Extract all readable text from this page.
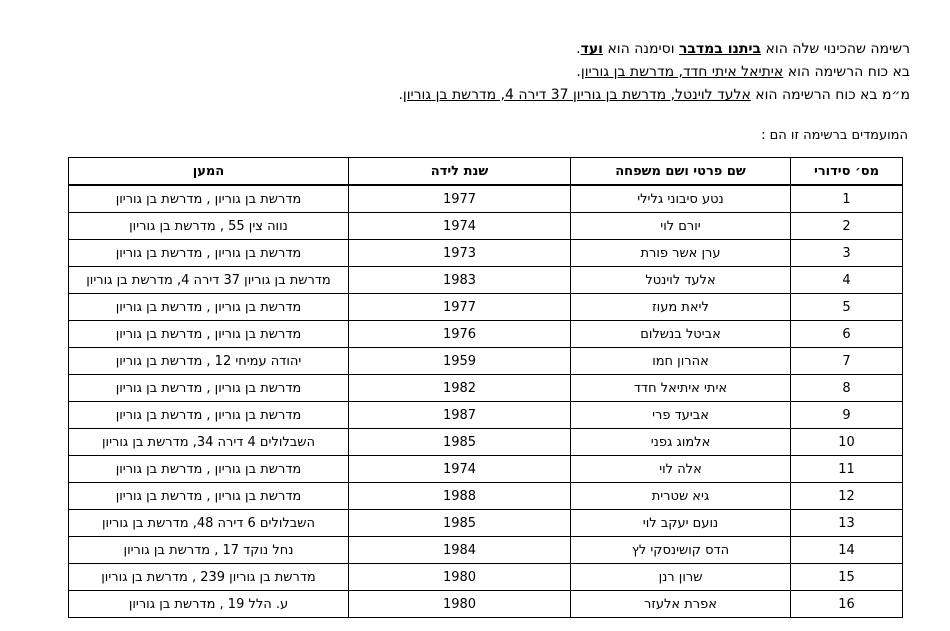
רשימה שהכינוי שלה הוא ביתנו במדבר וסימנה הוא ועד.
בא כוח הרשימה הוא איתיאל איתי חדד, מדרשת בן גוריון.
מ״מ בא כוח הרשימה הוא אלעד לוינטל, מדרשת בן גוריון 37 דירה 4, מדרשת בן גוריון.
המועמדים ברשימה זו הם :
מס׳ סידורי	שם פרטי ושם משפחה	שנת לידה	המען
1	נטע סיבוני גלילי	1977	מדרשת בן גוריון , מדרשת בן גוריון
2	יורם לוי	1974	נווה צין 55 , מדרשת בן גוריון
3	ערן אשר פורת	1973	מדרשת בן גוריון , מדרשת בן גוריון
4	אלעד לוינטל	1983	מדרשת בן גוריון 37 דירה 4, מדרשת בן גוריון
5	ליאת מעוז	1977	מדרשת בן גוריון , מדרשת בן גוריון
6	אביטל בנשלום	1976	מדרשת בן גוריון , מדרשת בן גוריון
7	אהרון חמו	1959	יהודה עמיחי 12 , מדרשת בן גוריון
8	איתי איתיאל חדד	1982	מדרשת בן גוריון , מדרשת בן גוריון
9	אביעד פרי	1987	מדרשת בן גוריון , מדרשת בן גוריון
10	אלמוג גפני	1985	השבלולים 4 דירה 34, מדרשת בן גוריון
11	אלה לוי	1974	מדרשת בן גוריון , מדרשת בן גוריון
12	גיא שטרית	1988	מדרשת בן גוריון , מדרשת בן גוריון
13	נועם יעקב לוי	1985	השבלולים 6 דירה 48, מדרשת בן גוריון
14	הדס קושינסקי לץ	1984	נחל נוקד 17 , מדרשת בן גוריון
15	שרון רנן	1980	מדרשת בן גוריון 239 , מדרשת בן גוריון
16	אפרת אלעזר	1980	ע. הלל 19 , מדרשת בן גוריון
